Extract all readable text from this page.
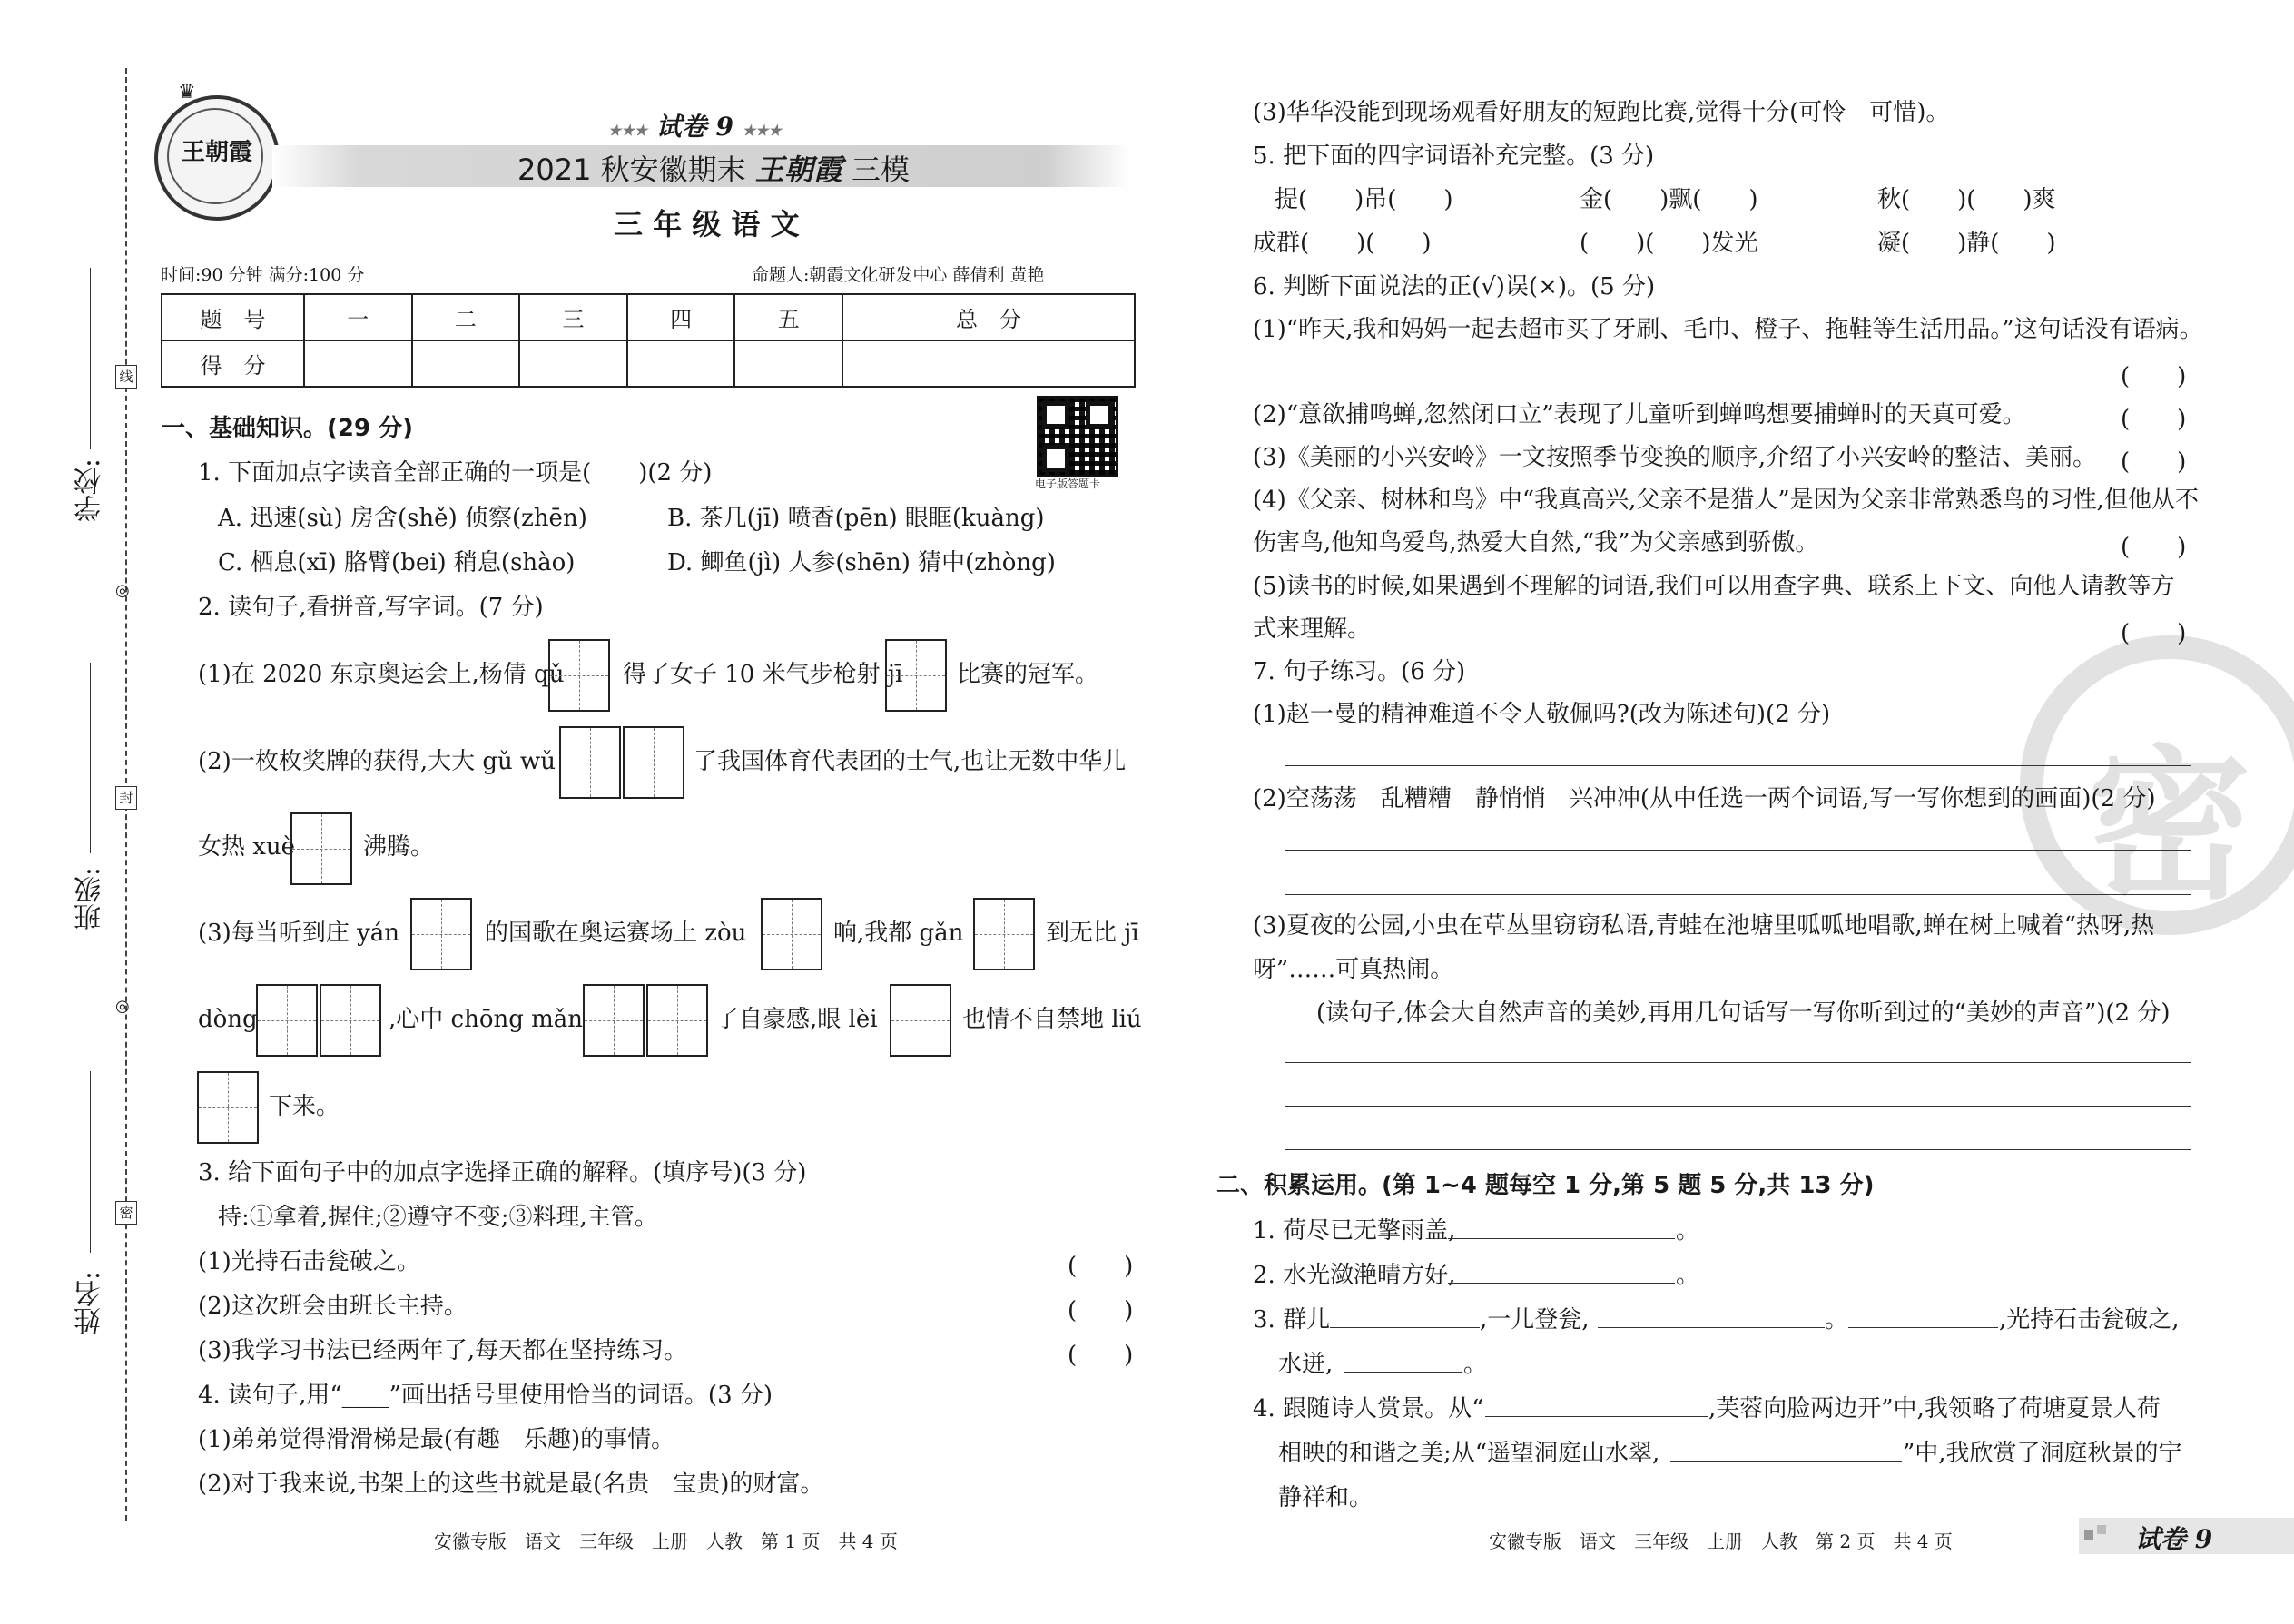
学校:
线
◎
封
班级:
◎
密
姓名:
王朝霞
♛
★★★ 试卷 9 ★★★
2021 秋安徽期末 王朝霞 三模
三 年 级 语 文
时间:90 分钟 满分:100 分	命题人:朝霞文化研发中心 薛倩利 黄艳
题　号	一	二	三	四	五	总　分
得　分						
电子版答题卡
一、基础知识。(29 分)
1. 下面加点字读音全部正确的一项是(　　)(2 分)
A. 迅速(sù) 房舍(shě) 侦察(zhēn)	B. 茶几(jī) 喷香(pēn) 眼眶(kuàng)
C. 栖息(xī) 胳臂(bei) 稍息(shào)	D. 鲫鱼(jì) 人参(shēn) 猜中(zhòng)
2. 读句子,看拼音,写字词。(7 分)
(1)在 2020 东京奥运会上,杨倩 qǔ 得了女子 10 米气步枪射 jī 比赛的冠军。
(2)一枚枚奖牌的获得,大大 gǔ wǔ	了我国体育代表团的士气,也让无数中华儿
女热 xuè	沸腾。
(3)每当听到庄 yán	的国歌在奥运赛场上 zòu	响,我都 gǎn	到无比 jī
dòng	,心中 chōng mǎn	了自豪感,眼 lèi	也情不自禁地 liú
下来。
3. 给下面句子中的加点字选择正确的解释。(填序号)(3 分)
持:①拿着,握住;②遵守不变;③料理,主管。
(1)光持石击瓮破之。	(　　)
(2)这次班会由班长主持。	(　　)
(3)我学习书法已经两年了,每天都在坚持练习。	(　　)
4. 读句子,用“____”画出括号里使用恰当的词语。(3 分)
(1)弟弟觉得滑滑梯是最(有趣　乐趣)的事情。
(2)对于我来说,书架上的这些书就是最(名贵　宝贵)的财富。
安徽专版　语文　三年级　上册　人教　第 1 页　共 4 页
密
(3)华华没能到现场观看好朋友的短跑比赛,觉得十分(可怜　可惜)。
5. 把下面的四字词语补充完整。(3 分)
提(　　)吊(　　)	金(　　)飘(　　)	秋(　　)(　　)爽
成群(　　)(　　)	(　　)(　　)发光	凝(　　)静(　　)
6. 判断下面说法的正(√)误(×)。(5 分)
(1)“昨天,我和妈妈一起去超市买了牙刷、毛巾、橙子、拖鞋等生活用品。”这句话没有语病。
(　　)
(2)“意欲捕鸣蝉,忽然闭口立”表现了儿童听到蝉鸣想要捕蝉时的天真可爱。	(　　)
(3)《美丽的小兴安岭》一文按照季节变换的顺序,介绍了小兴安岭的整洁、美丽。 (　　)
(4)《父亲、树林和鸟》中“我真高兴,父亲不是猎人”是因为父亲非常熟悉鸟的习性,但他从不
伤害鸟,他知鸟爱鸟,热爱大自然,“我”为父亲感到骄傲。	(　　)
(5)读书的时候,如果遇到不理解的词语,我们可以用查字典、联系上下文、向他人请教等方
式来理解。	(　　)
7. 句子练习。(6 分)
(1)赵一曼的精神难道不令人敬佩吗?(改为陈述句)(2 分)
(2)空荡荡　乱糟糟　静悄悄　兴冲冲(从中任选一两个词语,写一写你想到的画面)(2 分)
(3)夏夜的公园,小虫在草丛里窃窃私语,青蛙在池塘里呱呱地唱歌,蝉在树上喊着“热呀,热
呀”……可真热闹。
(读句子,体会大自然声音的美妙,再用几句话写一写你听到过的“美妙的声音”)(2 分)
二、积累运用。(第 1~4 题每空 1 分,第 5 题 5 分,共 13 分)
1. 荷尽已无擎雨盖,	。
2. 水光潋滟晴方好,	。
3. 群儿	,一儿登瓮,	。	,光持石击瓮破之,
水迸,	。
4. 跟随诗人赏景。从“	,芙蓉向脸两边开”中,我领略了荷塘夏景人荷
相映的和谐之美;从“遥望洞庭山水翠,	”中,我欣赏了洞庭秋景的宁
静祥和。
安徽专版　语文　三年级　上册　人教　第 2 页　共 4 页	试卷 9
